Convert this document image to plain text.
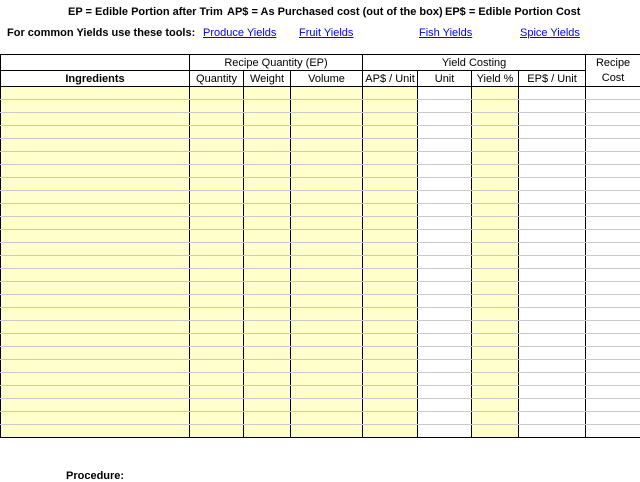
EP = Edible Portion after Trim AP$ = As Purchased cost (out of the box) EP$ = Edible Portion Cost
For common Yields use these tools: Produce Yields Fruit Yields	Fish Yields	Spice Yields
	Recipe Quantity (EP)			Yield Costing				Recipe
Ingredients	Quantity	Weight	Volume	AP$ / Unit	Unit	Yield %	EP$ / Unit	Cost

Procedure:
